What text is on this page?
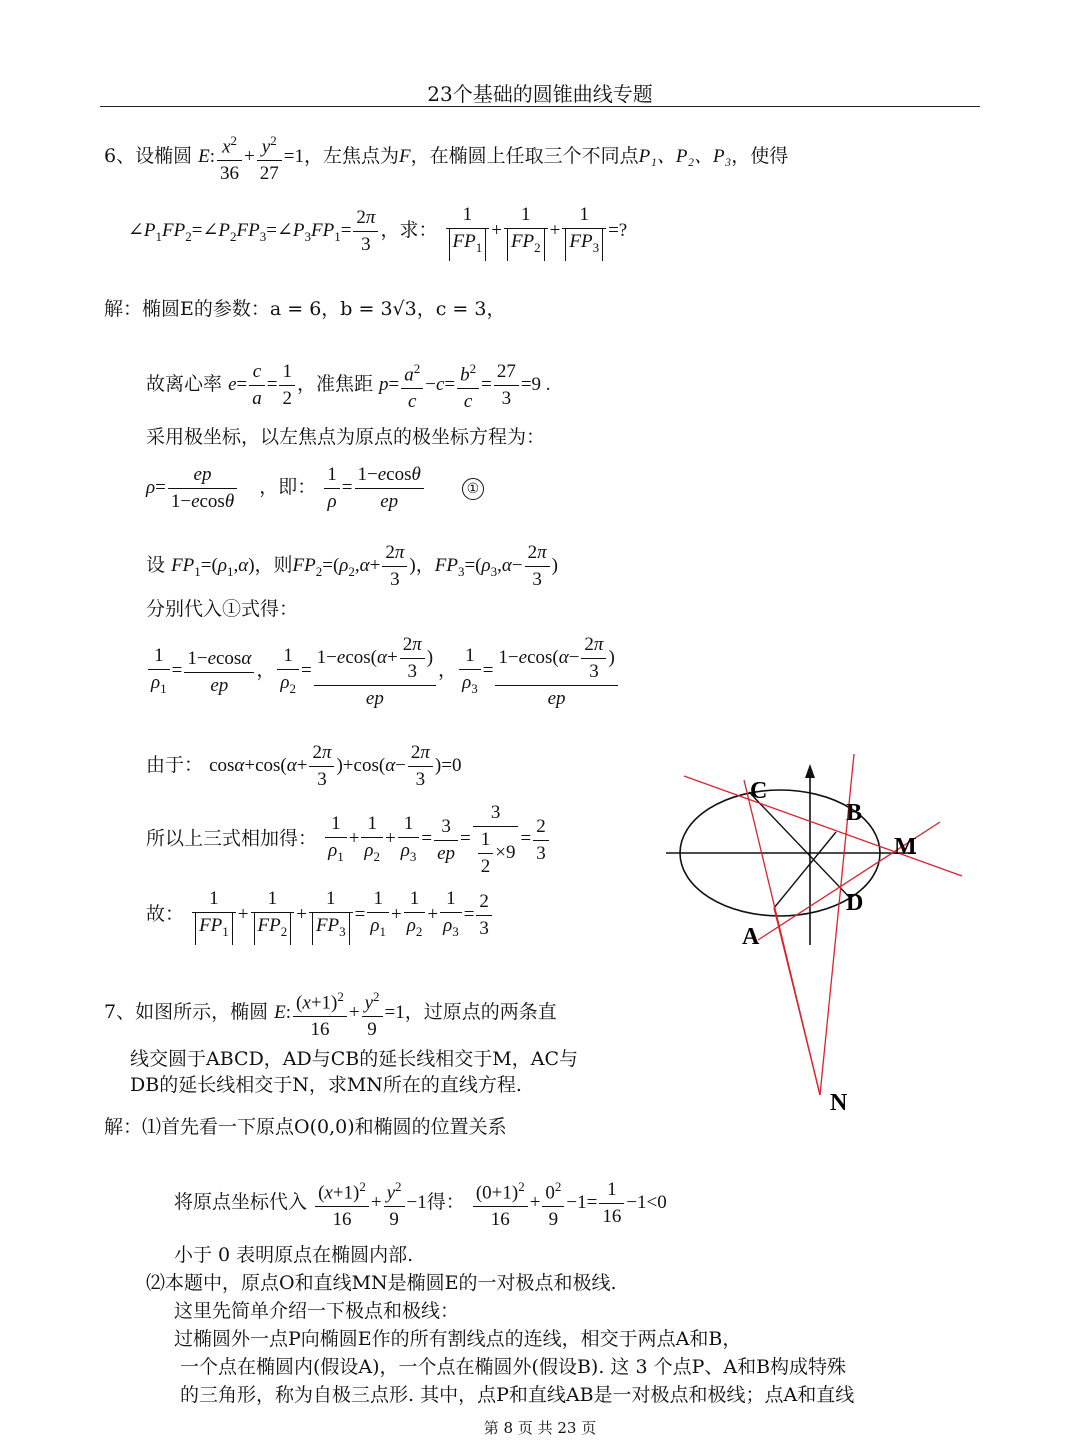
23个基础的圆锥曲线专题
6、设椭圆 E: $\frac{x^2}{36} + \frac{y^2}{27} =1$，左焦点为F，在椭圆上任取三个不同点P₁、P₂、P₃，使得
$\angle P_1FP_2=\angle P_2FP_3=\angle P_3FP_1= \frac{2\pi}{3}$ ，求： $\frac{1}{FP_1} + \frac{1}{FP_2} + \frac{1}{FP_3}$ =?
解：椭圆E的参数：a = 6，b = 3√3，c = 3，
故离心率 $e= \frac{c}{a} = \frac{1}{2}$ ，准焦距 $p= \frac{a^2}{c} -c= \frac{b^2}{c} = \frac{27}{3} =9$ .
采用极坐标，以左焦点为原点的极坐标方程为：
$\rho= \frac{ep}{1-ecos\theta}$ ，即： $\frac{1}{\rho} = \frac{1-ecos\theta}{ep}$	①
设 $FP_1=(\rho_1,\alpha)$，则$FP_2=(\rho_2,\alpha+ \frac{2\pi}{3}$ )，$FP_3=(\rho_3,\alpha- \frac{2\pi}{3}$ )
分别代入①式得：
$\frac{1}{\rho_1} = \frac{1-ecos\alpha}{ep}$ ， $\frac{1}{\rho_2} = \frac{1-ecos(\alpha+ \frac{2\pi}{3} )}{ep}$ ， $\frac{1}{\rho_3} = \frac{1-ecos(\alpha- \frac{2\pi}{3} )}{ep}$
由于： $\cos\alpha+\cos(\alpha+ \frac{2\pi}{3} )+\cos(\alpha- \frac{2\pi}{3} )=0$
所以上三式相加得： $\frac{1}{\rho_1} + \frac{1}{\rho_2} + \frac{1}{\rho_3} = \frac{3}{ep} = \frac{3}{\frac{1}{2} \times 9} = \frac{2}{3}$
故： $\frac{1}{FP_1} + \frac{1}{FP_2} + \frac{1}{FP_3} = \frac{1}{\rho_1} + \frac{1}{\rho_2} + \frac{1}{\rho_3} = \frac{2}{3}$
C
B
M
D
A
N
7、如图所示，椭圆 E: $\frac{(x+1)^2}{16} + \frac{y^2}{9} =1$，过原点的两条直
线交圆于ABCD，AD与CB的延长线相交于M，AC与
DB的延长线相交于N，求MN所在的直线方程.
解：⑴首先看一下原点O(0,0)和椭圆的位置关系
将原点坐标代入 $\frac{(x+1)^2}{16} + \frac{y^2}{9} -1$得： $\frac{(0+1)^2}{16} + \frac{0^2}{9} -1= \frac{1}{16} -1<0$
小于 0 表明原点在椭圆内部.
⑵本题中，原点O和直线MN是椭圆E的一对极点和极线.
这里先简单介绍一下极点和极线：
过椭圆外一点P向椭圆E作的所有割线点的连线，相交于两点A和B，
一个点在椭圆内(假设A)，一个点在椭圆外(假设B). 这 3 个点P、A和B构成特殊
的三角形，称为自极三点形. 其中，点P和直线AB是一对极点和极线；点A和直线
第 8 页 共 23 页
